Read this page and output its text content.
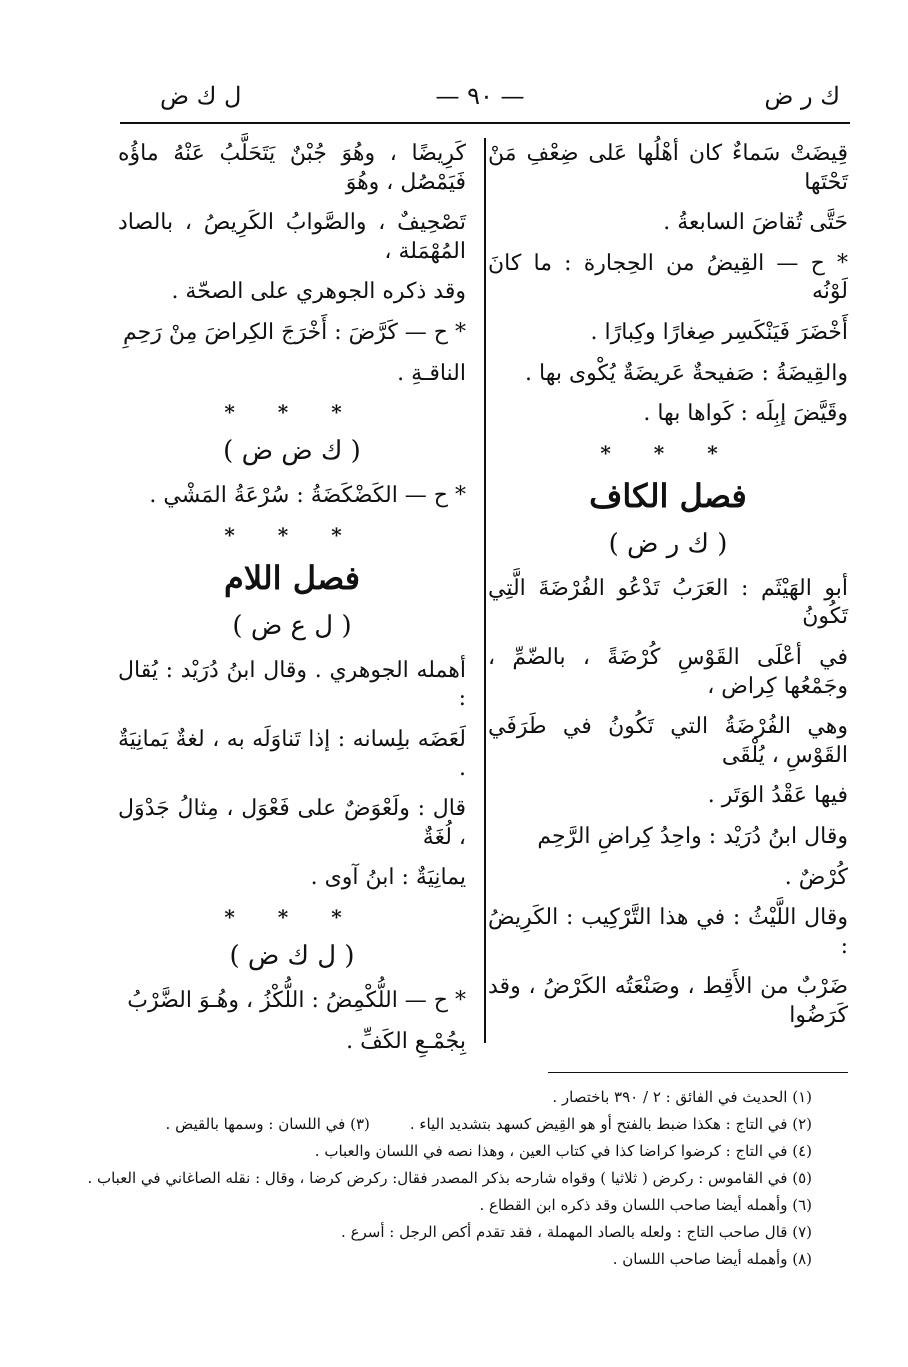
ك ر ض
— ٩٠ —
ل ك ض

قِيضَتْ سَماءٌ كان أهْلُها عَلى ضِعْفِ مَنْ تَحْتَها

حَتَّى تُقاضَ السابعةُ .

* ح — القِيضُ من الحِجارة : ما كانَ لَوْنُه

أَخْضَرَ فَيَنْكَسِر صِغارًا وكِبارًا .

والقِيضَةُ : صَفيحةٌ عَريضَةٌ يُكْوى بها .

وقَيَّضَ إبِلَه : كَواها بها .

* * *
فصل الكاف
( ك ر ض )

أبو الهَيْثَم : العَرَبُ تَدْعُو الفُرْضَةَ الَّتِي تَكُونُ

في أعْلَى القَوْسِ كُرْضَةً ، بالضّمِّ ، وجَمْعُها كِراض ،

وهي الفُرْضَةُ التي تَكُونُ في طَرَفَي القَوْسِ ، يُلْقَى

فيها عَقْدُ الوَتَر .

وقال ابنُ دُرَيْد : واحِدُ كِراضِ الرَّحِم

كُرْضٌ .

وقال اللَّيْثُ : في هذا التَّرْكِيب : الكَرِيضُ :

ضَرْبٌ من الأَقِط ، وصَنْعَتُه الكَرْضُ ، وقد كَرَضُوا

كَرِيضًا ، وهُوَ جُبْنٌ يَتَحَلَّبُ عَنْهُ ماؤُه فَيَمْصُل ، وهُوَ

تَصْحِيفٌ ، والصَّوابُ الكَرِيصُ ، بالصاد المُهْمَلة ،

وقد ذكره الجوهري على الصحّة .

* ح — كَرَّضَ : أَخْرَجَ الكِراضَ مِنْ رَحِمِ

الناقـةِ .

* * *
( ك ض ض )

* ح — الكَضْكَضَةُ : سُرْعَةُ المَشْي .

* * *
فصل اللام
( ل ع ض )

أهمله الجوهري . وقال ابنُ دُرَيْد : يُقال :

لَعَضَه بلِسانه : إذا تَناوَلَه به ، لغةٌ يَمانِيَةٌ .

قال : ولَعْوَضٌ على فَعْوَل ، مِثالُ جَدْوَل ، لُغَةٌ

يمانِيَةٌ : ابنُ آوى .

* * *
( ل ك ض )

* ح — اللُّكْمِضُ : اللُّكْزُ ، وهُـوَ الضَّرْبُ

بِجُمْـعِ الكَفِّ .

(١) الحديث في الفائق : ٢ / ٣٩٠ باختصار .

(٢) في التاج : هكذا ضبط بالفتح أو هو القِيض كسهد بتشديد الياء .

(٣) في اللسان : وسمها بالقيض .

(٤) في التاج : كرضوا كراضا كذا في كتاب العين ، وهذا نصه في اللسان والعباب .

(٥) في القاموس : ركرض ( ثلاثيا ) وقواه شارحه بذكر المصدر فقال: ركرض كرضا ، وقال : نقله الصاغاني في العباب .

(٦) وأهمله أيضا صاحب اللسان وقد ذكره ابن القطاع .

(٧) قال صاحب التاج : ولعله بالصاد المهملة ، فقد تقدم أكص الرجل : أسرع .

(٨) وأهمله أيضا صاحب اللسان .
